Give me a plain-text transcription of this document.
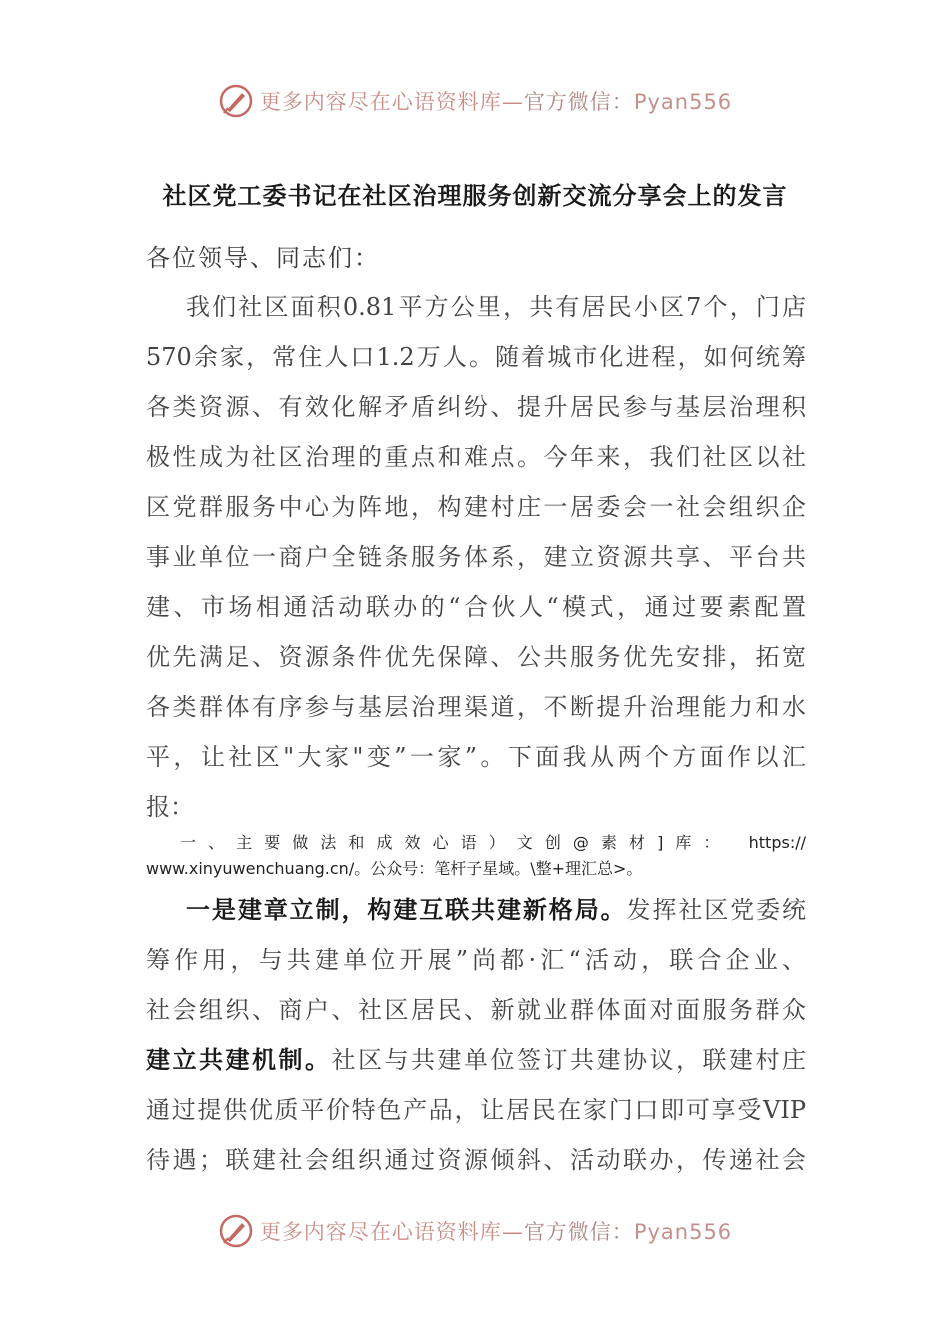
更多内容尽在心语资料库—官方微信：Pyan556
社区党工委书记在社区治理服务创新交流分享会上的发言
各位领导、同志们：
我们社区面积0.81平方公里，共有居民小区7个，门店
570余家，常住人口1.2万人。随着城市化进程，如何统筹
各类资源、有效化解矛盾纠纷、提升居民参与基层治理积
极性成为社区治理的重点和难点。今年来，我们社区以社
区党群服务中心为阵地，构建村庄一居委会一社会组织企
事业单位一商户全链条服务体系，建立资源共享、平台共
建、市场相通活动联办的“合伙人“模式，通过要素配置
优先满足、资源条件优先保障、公共服务优先安排，拓宽
各类群体有序参与基层治理渠道，不断提升治理能力和水
平，让社区"大家"变”一家”。下面我从两个方面作以汇
报：
一、主要做法和成效心语）文创@素材]库： https://
www.xinyuwenchuang.cn/。公众号：笔杆子星域。\整+理汇总>。
一是建章立制，构建互联共建新格局。发挥社区党委统
筹作用，与共建单位开展”尚都·汇“活动，联合企业、
社会组织、商户、社区居民、新就业群体面对面服务群众
建立共建机制。社区与共建单位签订共建协议，联建村庄
通过提供优质平价特色产品，让居民在家门口即可享受VIP
待遇；联建社会组织通过资源倾斜、活动联办，传递社会
更多内容尽在心语资料库—官方微信：Pyan556
